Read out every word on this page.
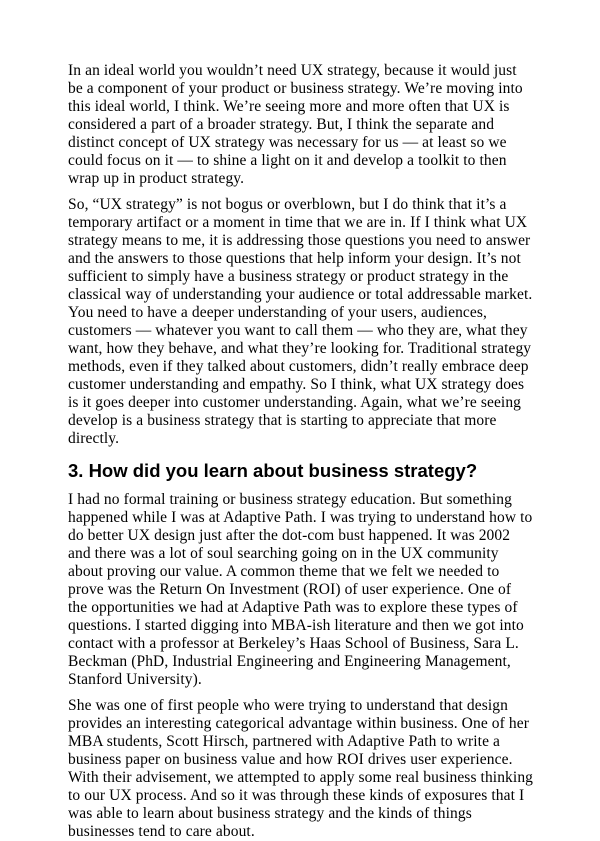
In an ideal world you wouldn’t need UX strategy, because it would just be a component of your product or business strategy. We’re moving into this ideal world, I think. We’re seeing more and more often that UX is considered a part of a broader strategy. But, I think the separate and distinct concept of UX strategy was necessary for us — at least so we could focus on it — to shine a light on it and develop a toolkit to then wrap up in product strategy.

So, “UX strategy” is not bogus or overblown, but I do think that it’s a temporary artifact or a moment in time that we are in. If I think what UX strategy means to me, it is addressing those questions you need to answer and the answers to those questions that help inform your design. It’s not sufficient to simply have a business strategy or product strategy in the classical way of understanding your audience or total addressable market. You need to have a deeper understanding of your users, audiences, customers — whatever you want to call them — who they are, what they want, how they behave, and what they’re looking for. Traditional strategy methods, even if they talked about customers, didn’t really embrace deep customer understanding and empathy. So I think, what UX strategy does is it goes deeper into customer understanding. Again, what we’re seeing develop is a business strategy that is starting to appreciate that more directly.

3. How did you learn about business strategy?

I had no formal training or business strategy education. But something happened while I was at Adaptive Path. I was trying to understand how to do better UX design just after the dot-com bust happened. It was 2002 and there was a lot of soul searching going on in the UX community about proving our value. A common theme that we felt we needed to prove was the Return On Investment (ROI) of user experience. One of the opportunities we had at Adaptive Path was to explore these types of questions. I started digging into MBA-ish literature and then we got into contact with a professor at Berkeley’s Haas School of Business, Sara L. Beckman (PhD, Industrial Engineering and Engineering Management, Stanford University).

She was one of first people who were trying to understand that design provides an interesting categorical advantage within business. One of her MBA students, Scott Hirsch, partnered with Adaptive Path to write a business paper on business value and how ROI drives user experience. With their advisement, we attempted to apply some real business thinking to our UX process. And so it was through these kinds of exposures that I was able to learn about business strategy and the kinds of things businesses tend to care about.
